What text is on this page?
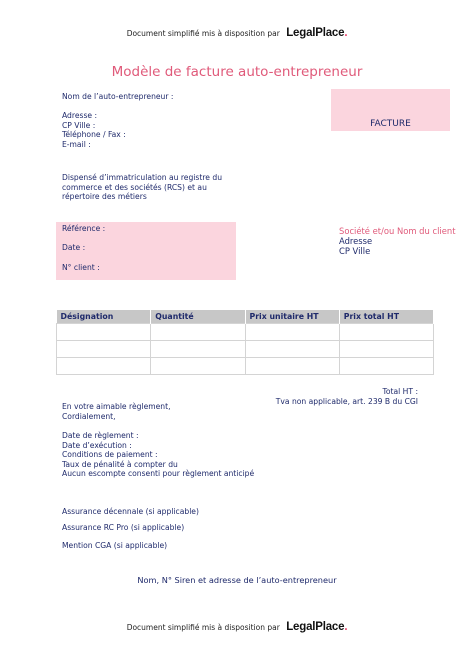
Document simplifié mis à disposition par LegalPlace.
Modèle de facture auto-entrepreneur
Nom de l’auto-entrepreneur :
Adresse :
CP Ville :
Téléphone / Fax :
E-mail :
FACTURE
Dispensé d’immatriculation au registre du
commerce et des sociétés (RCS) et au
répertoire des métiers
Référence :
Date :
N° client :
Société et/ou Nom du client
Adresse
CP Ville
Désignation	Quantité	Prix unitaire HT	Prix total HT

Total HT :
Tva non applicable, art. 239 B du CGI
En votre aimable règlement,
Cordialement,
Date de règlement :
Date d’exécution :
Conditions de paiement :
Taux de pénalité à compter du
Aucun escompte consenti pour règlement anticipé
Assurance décennale (si applicable)
Assurance RC Pro (si applicable)
Mention CGA (si applicable)
Nom, N° Siren et adresse de l’auto-entrepreneur
Document simplifié mis à disposition par LegalPlace.
